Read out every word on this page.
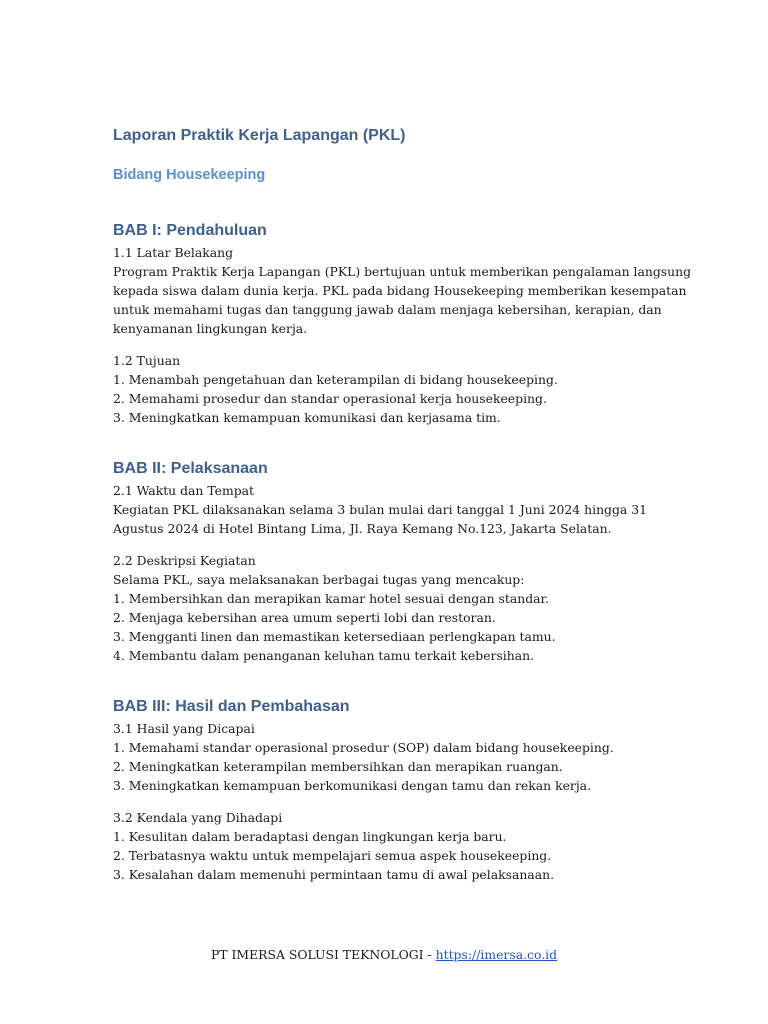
Laporan Praktik Kerja Lapangan (PKL)
Bidang Housekeeping
BAB I: Pendahuluan

1.1 Latar Belakang

Program Praktik Kerja Lapangan (PKL) bertujuan untuk memberikan pengalaman langsung

kepada siswa dalam dunia kerja. PKL pada bidang Housekeeping memberikan kesempatan

untuk memahami tugas dan tanggung jawab dalam menjaga kebersihan, kerapian, dan

kenyamanan lingkungan kerja.

1.2 Tujuan

1. Menambah pengetahuan dan keterampilan di bidang housekeeping.

2. Memahami prosedur dan standar operasional kerja housekeeping.

3. Meningkatkan kemampuan komunikasi dan kerjasama tim.

BAB II: Pelaksanaan

2.1 Waktu dan Tempat

Kegiatan PKL dilaksanakan selama 3 bulan mulai dari tanggal 1 Juni 2024 hingga 31

Agustus 2024 di Hotel Bintang Lima, Jl. Raya Kemang No.123, Jakarta Selatan.

2.2 Deskripsi Kegiatan

Selama PKL, saya melaksanakan berbagai tugas yang mencakup:

1. Membersihkan dan merapikan kamar hotel sesuai dengan standar.

2. Menjaga kebersihan area umum seperti lobi dan restoran.

3. Mengganti linen dan memastikan ketersediaan perlengkapan tamu.

4. Membantu dalam penanganan keluhan tamu terkait kebersihan.

BAB III: Hasil dan Pembahasan

3.1 Hasil yang Dicapai

1. Memahami standar operasional prosedur (SOP) dalam bidang housekeeping.

2. Meningkatkan keterampilan membersihkan dan merapikan ruangan.

3. Meningkatkan kemampuan berkomunikasi dengan tamu dan rekan kerja.

3.2 Kendala yang Dihadapi

1. Kesulitan dalam beradaptasi dengan lingkungan kerja baru.

2. Terbatasnya waktu untuk mempelajari semua aspek housekeeping.

3. Kesalahan dalam memenuhi permintaan tamu di awal pelaksanaan.

PT IMERSA SOLUSI TEKNOLOGI - https://imersa.co.id
